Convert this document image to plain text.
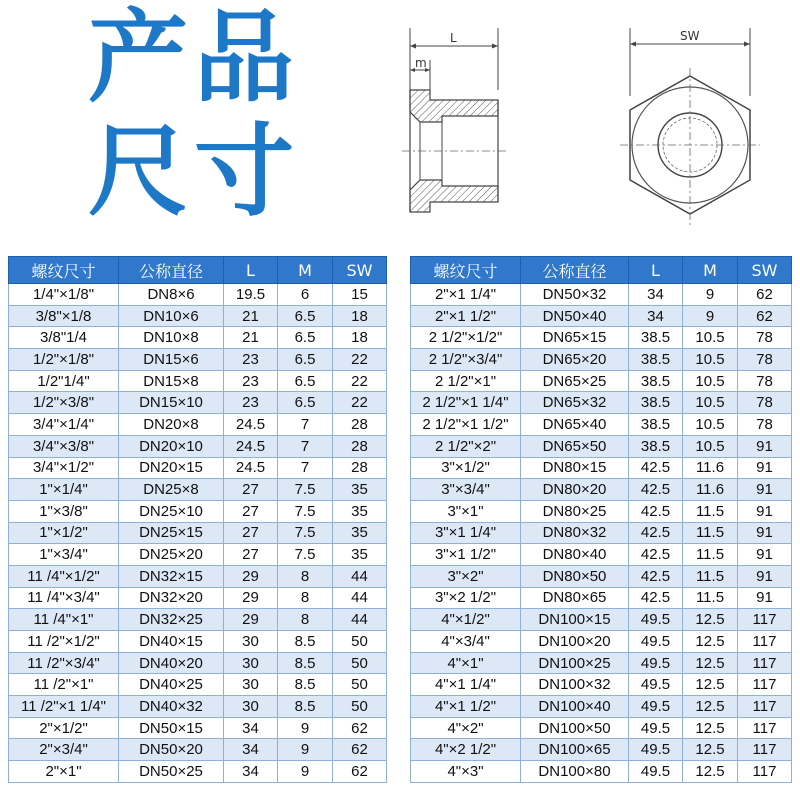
产品
尺寸
L
m
SW
螺纹尺寸	公称直径	L	M	SW
1/4"×1/8"	DN8×6	19.5	6	15
3/8"×1/8	DN10×6	21	6.5	18
3/8"1/4	DN10×8	21	6.5	18
1/2"×1/8"	DN15×6	23	6.5	22
1/2"1/4"	DN15×8	23	6.5	22
1/2"×3/8"	DN15×10	23	6.5	22
3/4"×1/4"	DN20×8	24.5	7	28
3/4"×3/8"	DN20×10	24.5	7	28
3/4"×1/2"	DN20×15	24.5	7	28
1"×1/4"	DN25×8	27	7.5	35
1"×3/8"	DN25×10	27	7.5	35
1"×1/2"	DN25×15	27	7.5	35
1"×3/4"	DN25×20	27	7.5	35
11 /4"×1/2"	DN32×15	29	8	44
11 /4"×3/4"	DN32×20	29	8	44
11 /4"×1"	DN32×25	29	8	44
11 /2"×1/2"	DN40×15	30	8.5	50
11 /2"×3/4"	DN40×20	30	8.5	50
11 /2"×1"	DN40×25	30	8.5	50
11 /2"×1 1/4"	DN40×32	30	8.5	50
2"×1/2"	DN50×15	34	9	62
2"×3/4"	DN50×20	34	9	62
2"×1"	DN50×25	34	9	62
螺纹尺寸	公称直径	L	M	SW
2"×1 1/4"	DN50×32	34	9	62
2"×1 1/2"	DN50×40	34	9	62
2 1/2"×1/2"	DN65×15	38.5	10.5	78
2 1/2"×3/4"	DN65×20	38.5	10.5	78
2 1/2"×1"	DN65×25	38.5	10.5	78
2 1/2"×1 1/4"	DN65×32	38.5	10.5	78
2 1/2"×1 1/2"	DN65×40	38.5	10.5	78
2 1/2"×2"	DN65×50	38.5	10.5	91
3"×1/2"	DN80×15	42.5	11.6	91
3"×3/4"	DN80×20	42.5	11.6	91
3"×1"	DN80×25	42.5	11.5	91
3"×1 1/4"	DN80×32	42.5	11.5	91
3"×1 1/2"	DN80×40	42.5	11.5	91
3"×2"	DN80×50	42.5	11.5	91
3"×2 1/2"	DN80×65	42.5	11.5	91
4"×1/2"	DN100×15	49.5	12.5	117
4"×3/4"	DN100×20	49.5	12.5	117
4"×1"	DN100×25	49.5	12.5	117
4"×1 1/4"	DN100×32	49.5	12.5	117
4"×1 1/2"	DN100×40	49.5	12.5	117
4"×2"	DN100×50	49.5	12.5	117
4"×2 1/2"	DN100×65	49.5	12.5	117
4"×3"	DN100×80	49.5	12.5	117
